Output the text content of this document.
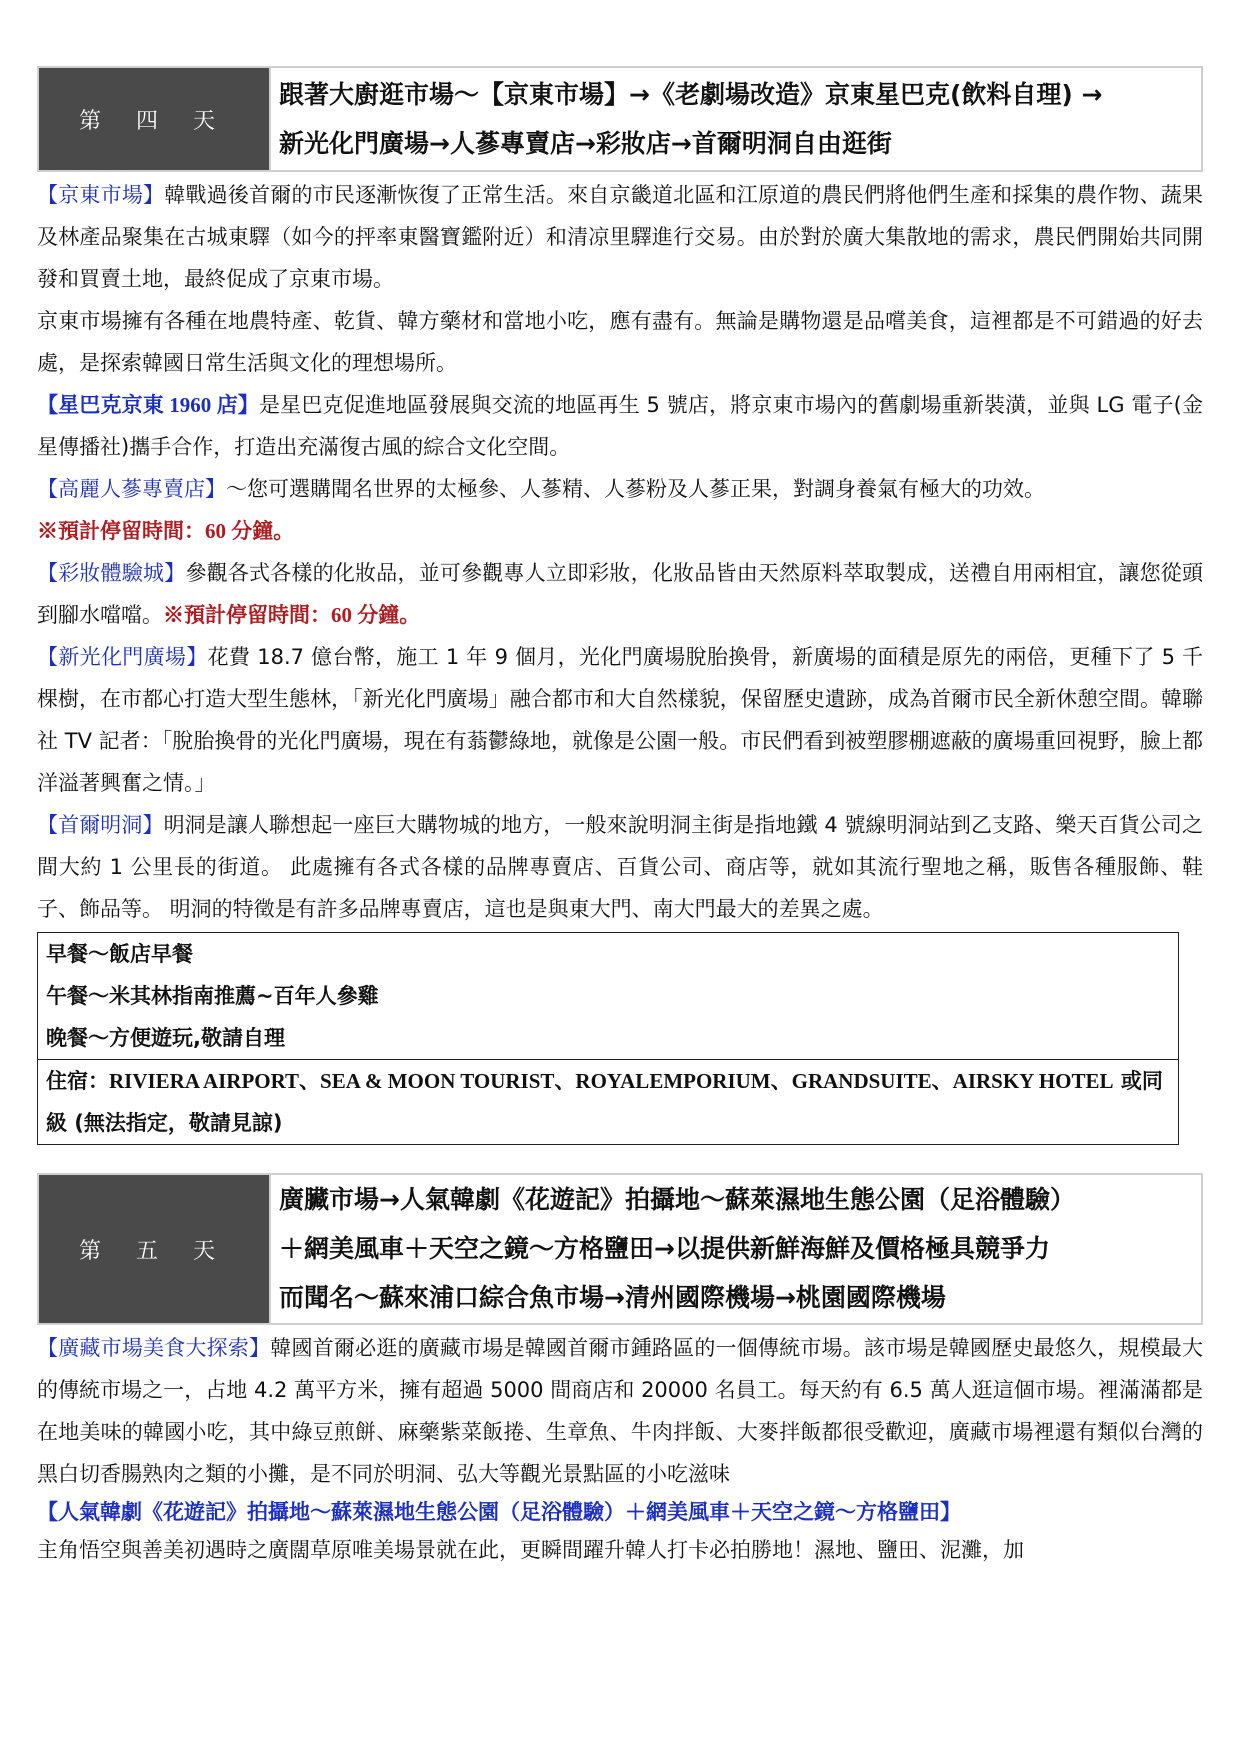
第 四 天
跟著大廚逛市場～【京東市場】→《老劇場改造》京東星巴克(飲料自理) →
新光化門廣場→人蔘專賣店→彩妝店→首爾明洞自由逛街

【京東市場】韓戰過後首爾的市民逐漸恢復了正常生活。來自京畿道北區和江原道的農民們將他們生產和採集的農作物、蔬果及林產品聚集在古城東驛（如今的抨率東醫寶鑑附近）和清凉里驛進行交易。由於對於廣大集散地的需求，農民們開始共同開發和買賣土地，最終促成了京東市場。

京東市場擁有各種在地農特產、乾貨、韓方藥材和當地小吃，應有盡有。無論是購物還是品嚐美食，這裡都是不可錯過的好去處，是探索韓國日常生活與文化的理想場所。

【星巴克京東 1960 店】是星巴克促進地區發展與交流的地區再生 5 號店，將京東市場內的舊劇場重新裝潢，並與 LG 電子(金星傳播社)攜手合作，打造出充滿復古風的綜合文化空間。

【高麗人蔘專賣店】～您可選購聞名世界的太極參、人蔘精、人蔘粉及人蔘正果，對調身養氣有極大的功效。
※預計停留時間：60 分鐘。

【彩妝體驗城】參觀各式各樣的化妝品，並可參觀專人立即彩妝，化妝品皆由天然原料萃取製成，送禮自用兩相宜，讓您從頭到腳水噹噹。※預計停留時間：60 分鐘。

【新光化門廣場】花費 18.7 億台幣，施工 1 年 9 個月，光化門廣場脫胎換骨，新廣場的面積是原先的兩倍，更種下了 5 千棵樹，在市都心打造大型生態林，「新光化門廣場」融合都市和大自然樣貌，保留歷史遺跡，成為首爾市民全新休憩空間。韓聯社 TV 記者：「脫胎換骨的光化門廣場，現在有蓊鬱綠地，就像是公園一般。市民們看到被塑膠棚遮蔽的廣場重回視野，臉上都洋溢著興奮之情。」

【首爾明洞】明洞是讓人聯想起一座巨大購物城的地方，一般來說明洞主街是指地鐵 4 號線明洞站到乙支路、樂天百貨公司之間大約 1 公里長的街道。 此處擁有各式各樣的品牌專賣店、百貨公司、商店等，就如其流行聖地之稱，販售各種服飾、鞋子、飾品等。 明洞的特徵是有許多品牌專賣店，這也是與東大門、南大門最大的差異之處。

早餐～飯店早餐
午餐～米其林指南推薦~百年人參雞
晚餐～方便遊玩,敬請自理
住宿：RIVIERA AIRPORT、SEA & MOON TOURIST、ROYALEMPORIUM、GRANDSUITE、AIRSKY HOTEL 或同級 (無法指定，敬請見諒)
第 五 天
廣臟市場→人氣韓劇《花遊記》拍攝地～蘇萊濕地生態公園（足浴體驗）
＋網美風車＋天空之鏡～方格鹽田→以提供新鮮海鮮及價格極具競爭力
而聞名～蘇來浦口綜合魚市場→清州國際機場→桃園國際機場

【廣藏市場美食大探索】韓國首爾必逛的廣藏市場是韓國首爾市鍾路區的一個傳統市場。該市場是韓國歷史最悠久，規模最大的傳統市場之一，占地 4.2 萬平方米，擁有超過 5000 間商店和 20000 名員工。每天約有 6.5 萬人逛這個市場。裡滿滿都是在地美味的韓國小吃，其中綠豆煎餅、麻藥紫菜飯捲、生章魚、牛肉拌飯、大麥拌飯都很受歡迎，廣藏市場裡還有類似台灣的黑白切香腸熟肉之類的小攤，是不同於明洞、弘大等觀光景點區的小吃滋味

【人氣韓劇《花遊記》拍攝地～蘇萊濕地生態公園（足浴體驗）＋網美風車＋天空之鏡～方格鹽田】

主角悟空與善美初遇時之廣闊草原唯美場景就在此，更瞬間躍升韓人打卡必拍勝地！濕地、鹽田、泥灘，加
